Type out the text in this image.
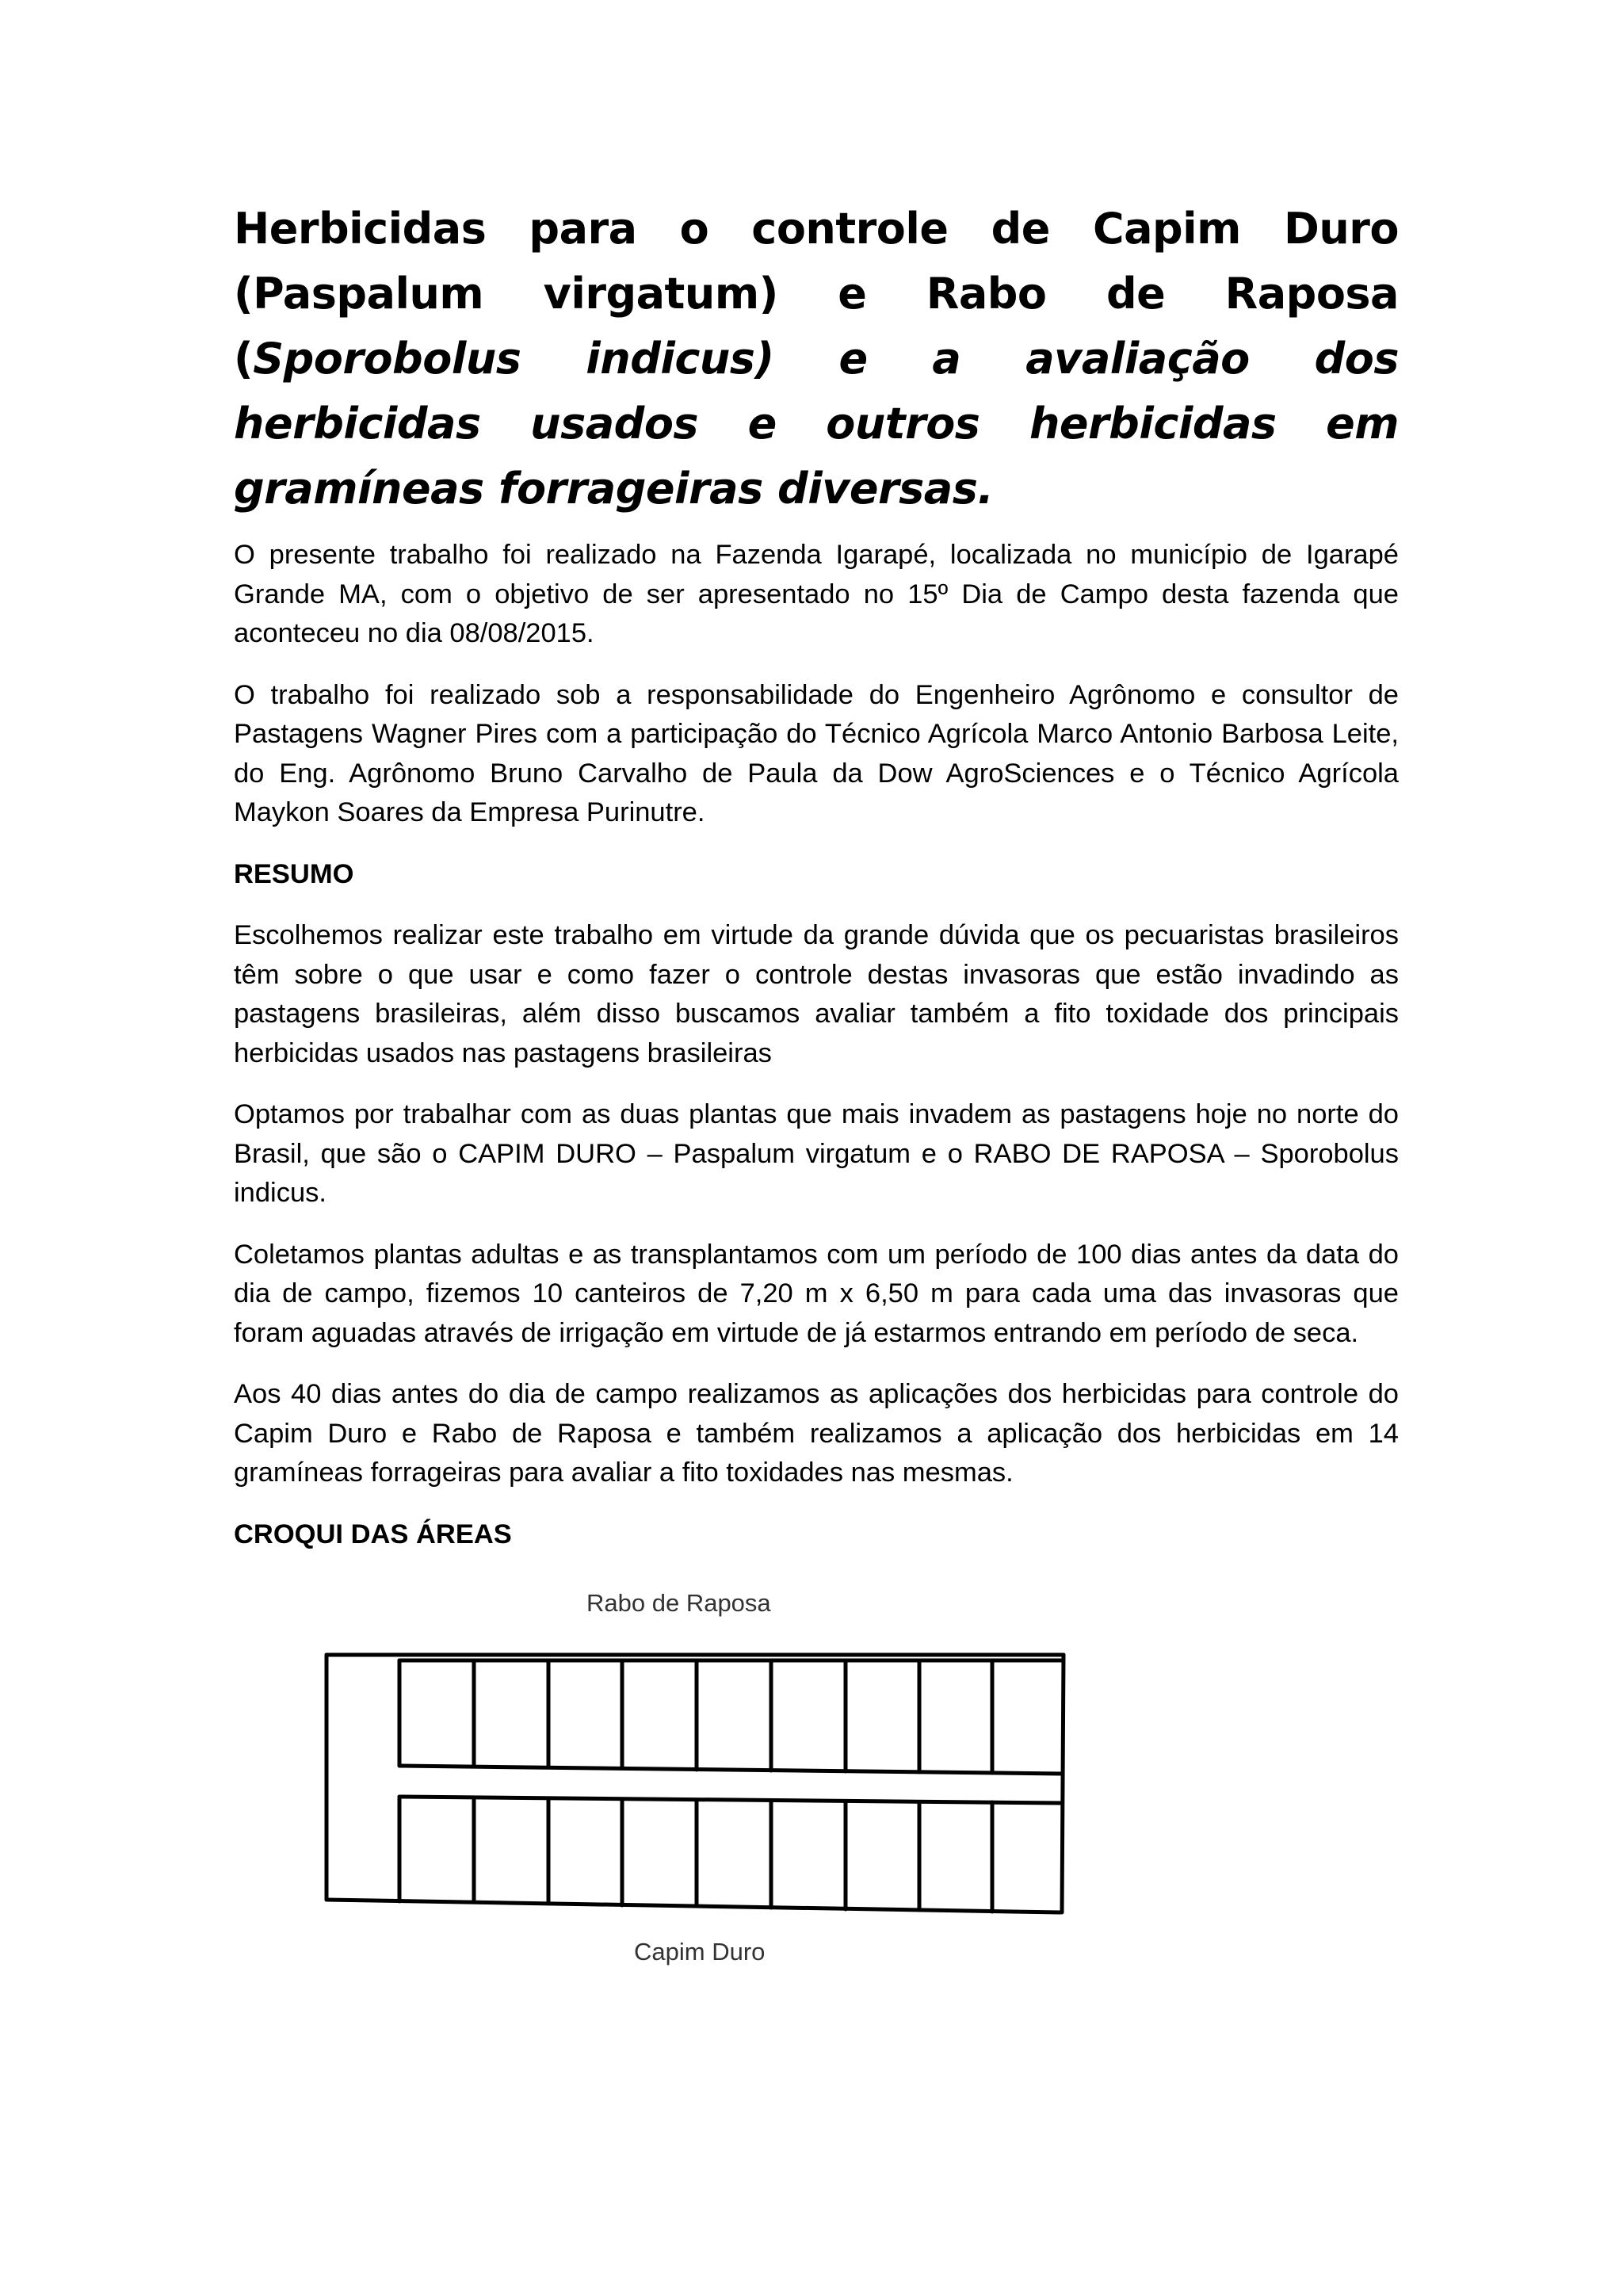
Herbicidas para o controle de Capim Duro (Paspalum virgatum) e Rabo de Raposa (Sporobolus indicus) e a avaliação dos herbicidas usados e outros herbicidas em gramíneas forrageiras diversas.

O presente trabalho foi realizado na Fazenda Igarapé, localizada no município de Igarapé Grande MA, com o objetivo de ser apresentado no 15º Dia de Campo desta fazenda que aconteceu no dia 08/08/2015.

O trabalho foi realizado sob a responsabilidade do Engenheiro Agrônomo e consultor de Pastagens Wagner Pires com a participação do Técnico Agrícola Marco Antonio Barbosa Leite, do Eng. Agrônomo Bruno Carvalho de Paula da Dow AgroSciences e o Técnico Agrícola Maykon Soares da Empresa Purinutre.

RESUMO

Escolhemos realizar este trabalho em virtude da grande dúvida que os pecuaristas brasileiros têm sobre o que usar e como fazer o controle destas invasoras que estão invadindo as pastagens brasileiras, além disso buscamos avaliar também a fito toxidade dos principais herbicidas usados nas pastagens brasileiras

Optamos por trabalhar com as duas plantas que mais invadem as pastagens hoje no norte do Brasil, que são o CAPIM DURO – Paspalum virgatum e o RABO DE RAPOSA – Sporobolus indicus.

Coletamos plantas adultas e as transplantamos com um período de 100 dias antes da data do dia de campo, fizemos 10 canteiros de 7,20 m x 6,50 m para cada uma das invasoras que foram aguadas através de irrigação em virtude de já estarmos entrando em período de seca.

Aos 40 dias antes do dia de campo realizamos as aplicações dos herbicidas para controle do Capim Duro e Rabo de Raposa e também realizamos a aplicação dos herbicidas em 14 gramíneas forrageiras para avaliar a fito toxidades nas mesmas.

CROQUI DAS ÁREAS
Rabo de Raposa
Capim Duro
